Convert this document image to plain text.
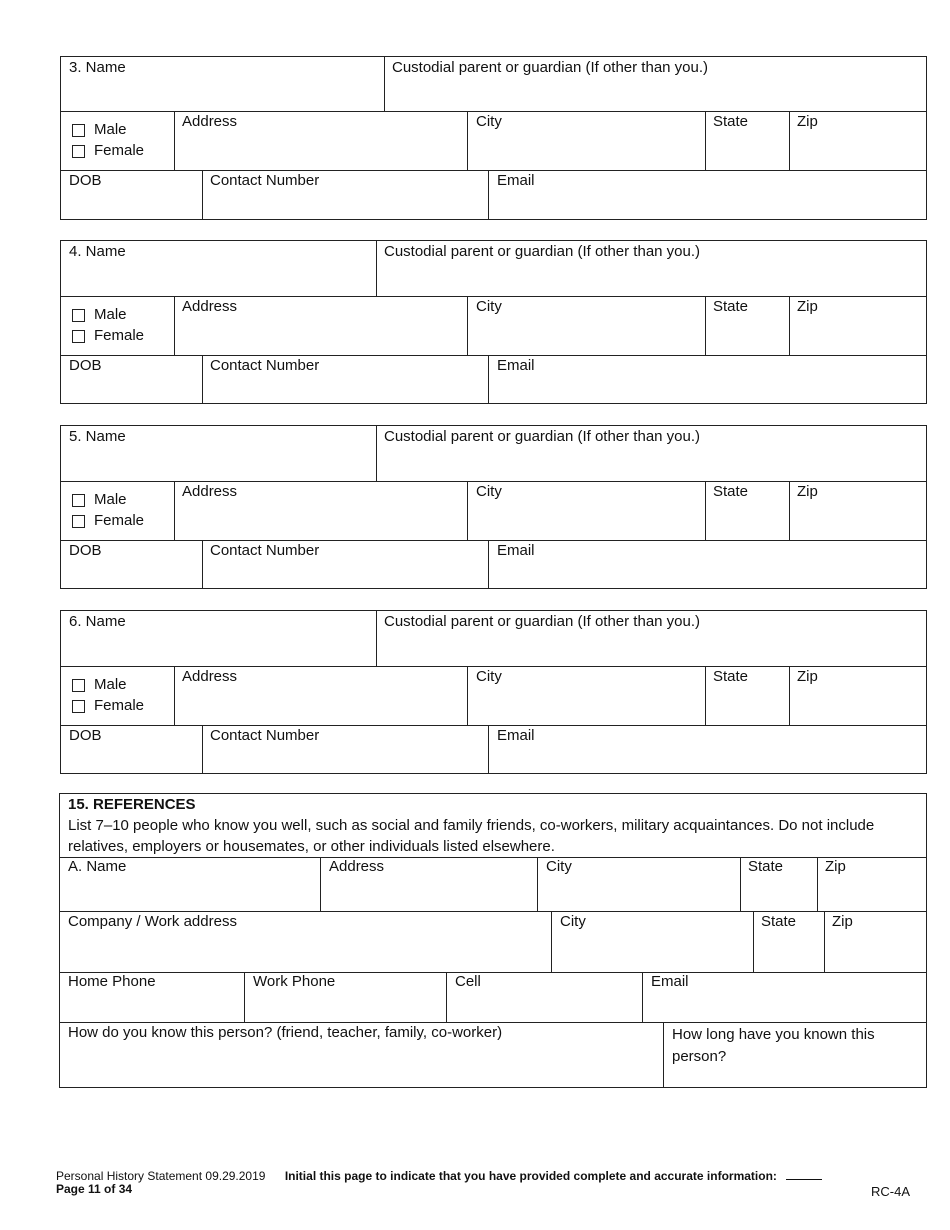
3. Name	Custodial parent or guardian (If other than you.)
Male
Female
Address	City	State	Zip
DOB	Contact Number	Email
4. Name	Custodial parent or guardian (If other than you.)
Male
Female
Address	City	State	Zip
DOB	Contact Number	Email
5. Name	Custodial parent or guardian (If other than you.)
Male
Female
Address	City	State	Zip
DOB	Contact Number	Email
6. Name	Custodial parent or guardian (If other than you.)
Male
Female
Address	City	State	Zip
DOB	Contact Number	Email
15. REFERENCES
List 7–10 people who know you well, such as social and family friends, co-workers, military acquaintances. Do not include relatives, employers or housemates, or other individuals listed elsewhere.
A. Name	Address	City	State	Zip
Company / Work address	City	State Zip
Home Phone	Work Phone	Cell	Email
How do you know this person? (friend, teacher, family, co-worker)	How long have you known this person?
Personal History Statement 09.29.2019 Initial this page to indicate that you have provided complete and accurate information:
Page 11 of 34	RC-4A
